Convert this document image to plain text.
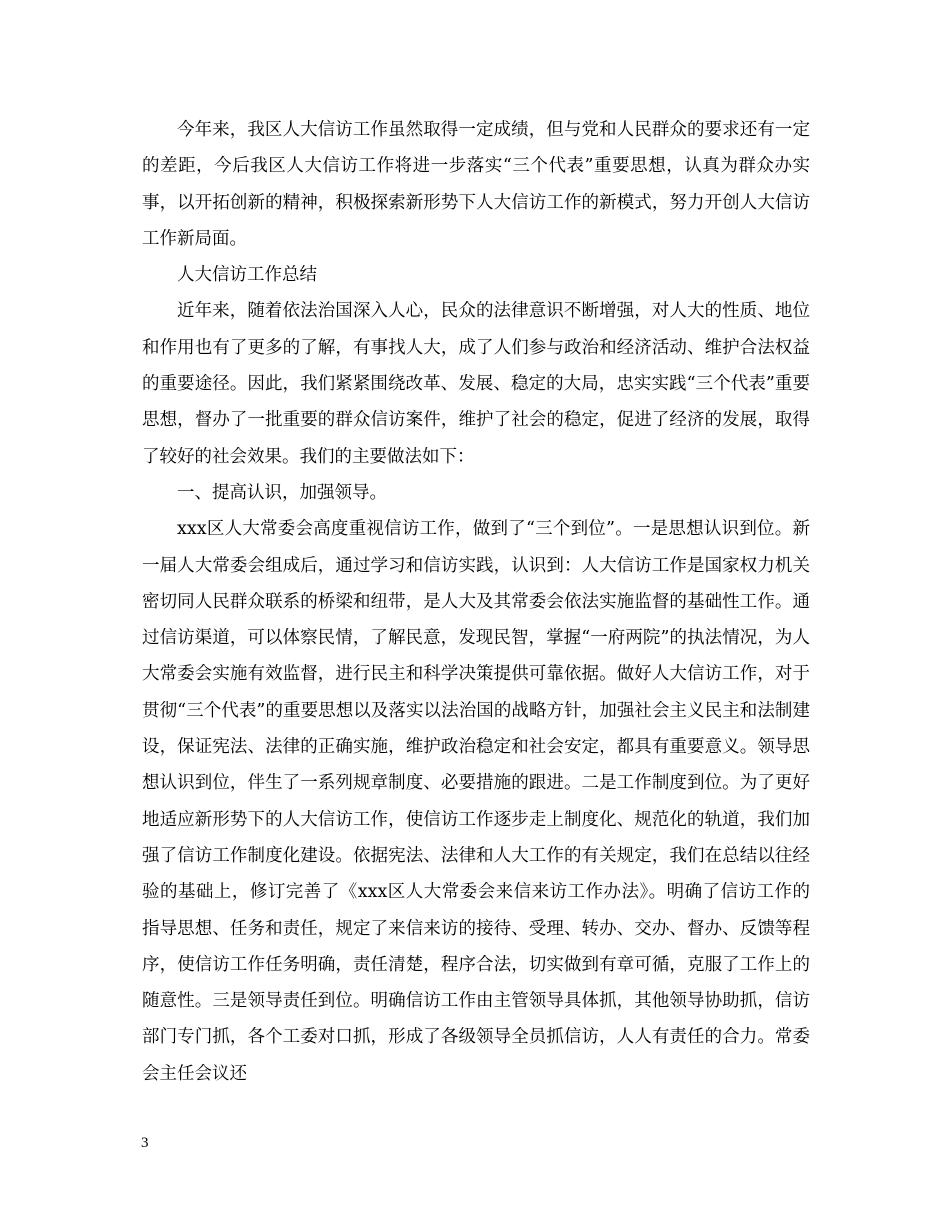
今年来，我区人大信访工作虽然取得一定成绩，但与党和人民群众的要求还有一定的差距，今后我区人大信访工作将进一步落实“三个代表”重要思想，认真为群众办实事，以开拓创新的精神，积极探索新形势下人大信访工作的新模式，努力开创人大信访工作新局面。

人大信访工作总结

近年来，随着依法治国深入人心，民众的法律意识不断增强，对人大的性质、地位和作用也有了更多的了解，有事找人大，成了人们参与政治和经济活动、维护合法权益的重要途径。因此，我们紧紧围绕改革、发展、稳定的大局，忠实实践“三个代表”重要思想，督办了一批重要的群众信访案件，维护了社会的稳定，促进了经济的发展，取得了较好的社会效果。我们的主要做法如下：

一、提高认识，加强领导。

xxx区人大常委会高度重视信访工作，做到了“三个到位”。一是思想认识到位。新一届人大常委会组成后，通过学习和信访实践，认识到：人大信访工作是国家权力机关密切同人民群众联系的桥梁和纽带，是人大及其常委会依法实施监督的基础性工作。通过信访渠道，可以体察民情，了解民意，发现民智，掌握“一府两院”的执法情况，为人大常委会实施有效监督，进行民主和科学决策提供可靠依据。做好人大信访工作，对于贯彻“三个代表”的重要思想以及落实以法治国的战略方针，加强社会主义民主和法制建设，保证宪法、法律的正确实施，维护政治稳定和社会安定，都具有重要意义。领导思想认识到位，伴生了一系列规章制度、必要措施的跟进。二是工作制度到位。为了更好地适应新形势下的人大信访工作，使信访工作逐步走上制度化、规范化的轨道，我们加强了信访工作制度化建设。依据宪法、法律和人大工作的有关规定，我们在总结以往经验的基础上，修订完善了《xxx区人大常委会来信来访工作办法》。明确了信访工作的指导思想、任务和责任，规定了来信来访的接待、受理、转办、交办、督办、反馈等程序，使信访工作任务明确，责任清楚，程序合法，切实做到有章可循，克服了工作上的随意性。三是领导责任到位。明确信访工作由主管领导具体抓，其他领导协助抓，信访部门专门抓，各个工委对口抓，形成了各级领导全员抓信访，人人有责任的合力。常委会主任会议还

3
